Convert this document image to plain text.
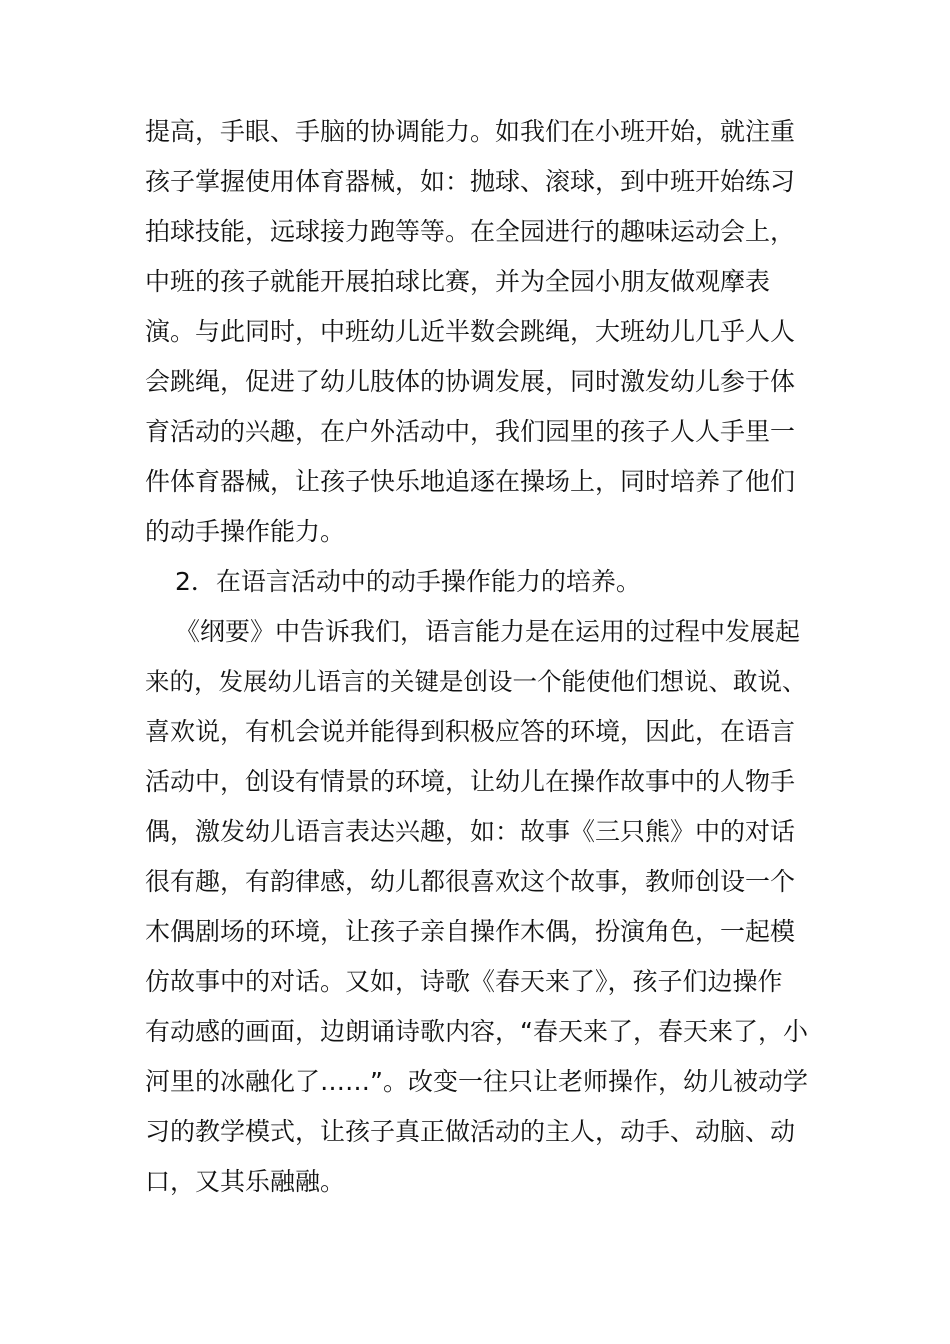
提高，手眼、手脑的协调能力。如我们在小班开始，就注重
孩子掌握使用体育器械，如：抛球、滚球，到中班开始练习
拍球技能，远球接力跑等等。在全园进行的趣味运动会上，
中班的孩子就能开展拍球比赛，并为全园小朋友做观摩表
演。与此同时，中班幼儿近半数会跳绳，大班幼儿几乎人人
会跳绳，促进了幼儿肢体的协调发展，同时激发幼儿参于体
育活动的兴趣，在户外活动中，我们园里的孩子人人手里一
件体育器械，让孩子快乐地追逐在操场上，同时培养了他们
的动手操作能力。
2．在语言活动中的动手操作能力的培养。
《纲要》中告诉我们，语言能力是在运用的过程中发展起
来的，发展幼儿语言的关键是创设一个能使他们想说、敢说、
喜欢说，有机会说并能得到积极应答的环境，因此，在语言
活动中，创设有情景的环境，让幼儿在操作故事中的人物手
偶，激发幼儿语言表达兴趣，如：故事《三只熊》中的对话
很有趣，有韵律感，幼儿都很喜欢这个故事，教师创设一个
木偶剧场的环境，让孩子亲自操作木偶，扮演角色，一起模
仿故事中的对话。又如，诗歌《春天来了》，孩子们边操作
有动感的画面，边朗诵诗歌内容，“春天来了，春天来了，小
河里的冰融化了……”。改变一往只让老师操作，幼儿被动学
习的教学模式，让孩子真正做活动的主人，动手、动脑、动
口，又其乐融融。
